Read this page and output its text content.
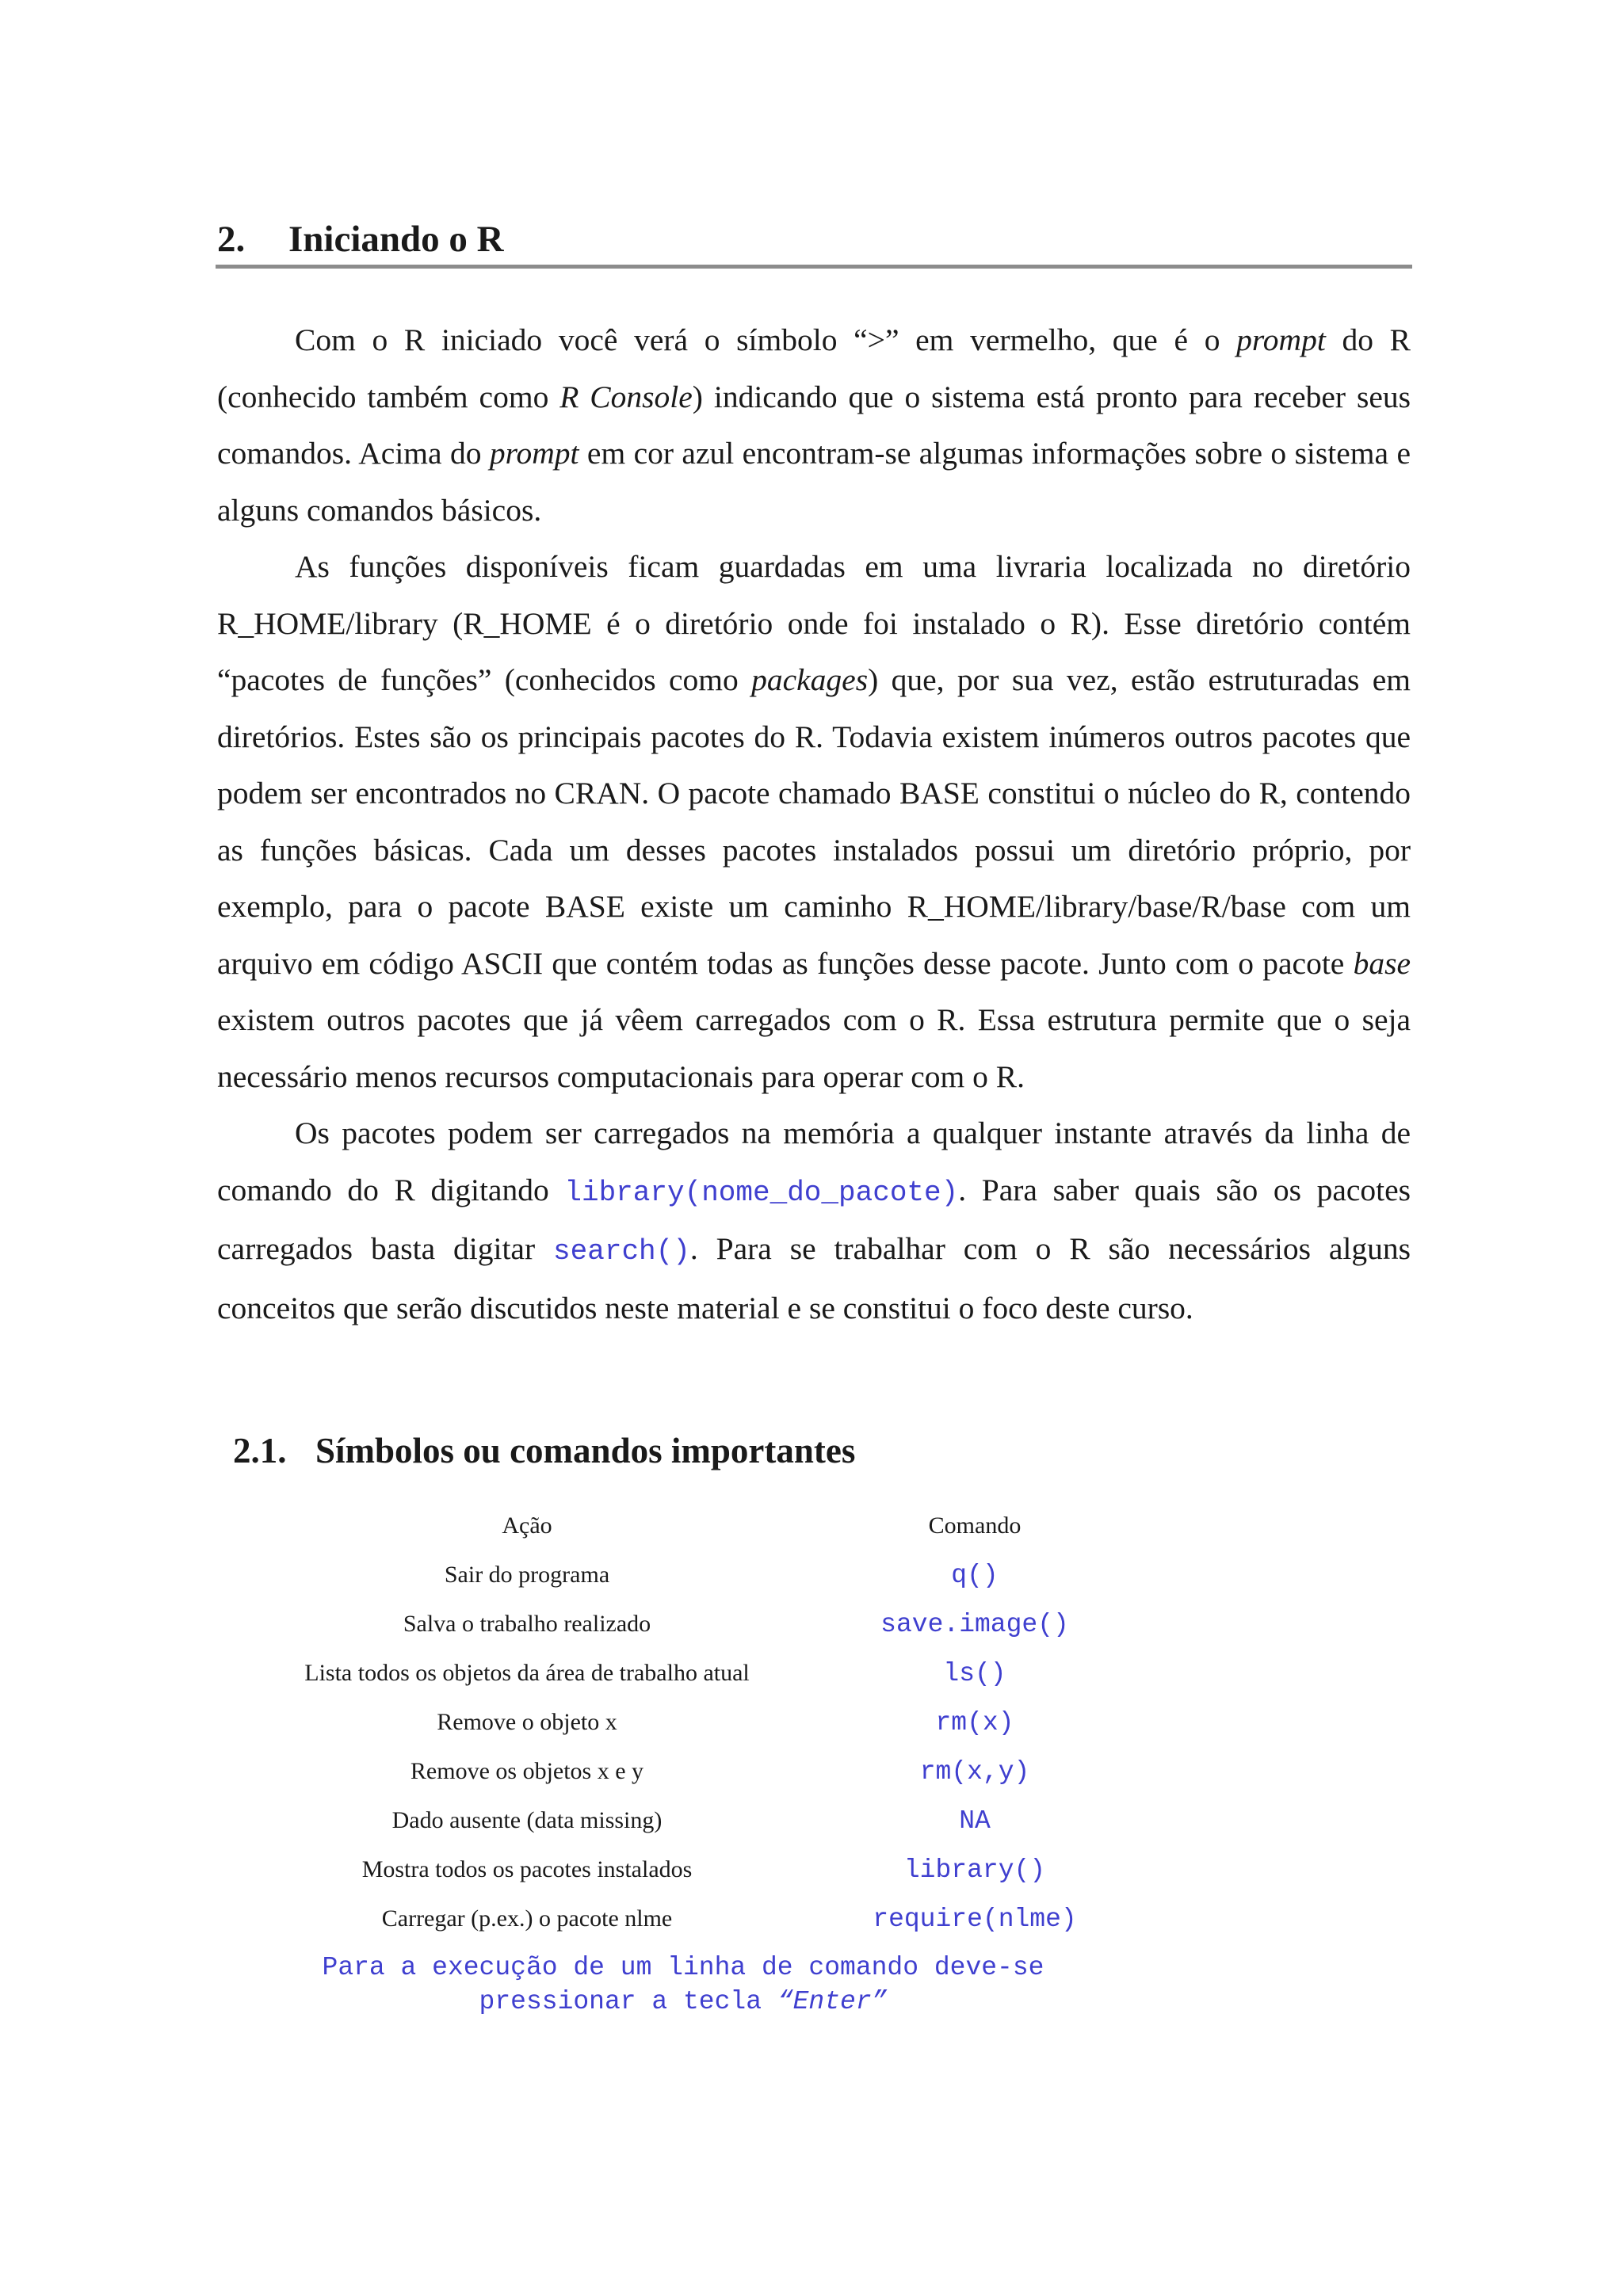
2. Iniciando o R

Com o R iniciado você verá o símbolo “>” em vermelho, que é o prompt do R (conhecido também como R Console) indicando que o sistema está pronto para receber seus comandos. Acima do prompt em cor azul encontram-se algumas informações sobre o sistema e alguns comandos básicos.

As funções disponíveis ficam guardadas em uma livraria localizada no diretório R_HOME/library (R_HOME é o diretório onde foi instalado o R). Esse diretório contém “pacotes de funções” (conhecidos como packages) que, por sua vez, estão estruturadas em diretórios. Estes são os principais pacotes do R. Todavia existem inúmeros outros pacotes que podem ser encontrados no CRAN. O pacote chamado BASE constitui o núcleo do R, contendo as funções básicas. Cada um desses pacotes instalados possui um diretório próprio, por exemplo, para o pacote BASE existe um caminho R_HOME/library/base/R/base com um arquivo em código ASCII que contém todas as funções desse pacote. Junto com o pacote base existem outros pacotes que já vêem carregados com o R. Essa estrutura permite que o seja necessário menos recursos computacionais para operar com o R.

Os pacotes podem ser carregados na memória a qualquer instante através da linha de comando do R digitando library(nome_do_pacote). Para saber quais são os pacotes carregados basta digitar search(). Para se trabalhar com o R são necessários alguns conceitos que serão discutidos neste material e se constitui o foco deste curso.

2.1. Símbolos ou comandos importantes
Ação	Comando
Sair do programa	q()
Salva o trabalho realizado	save.image()
Lista todos os objetos da área de trabalho atual	ls()
Remove o objeto x	rm(x)
Remove os objetos x e y	rm(x,y)
Dado ausente (data missing)	NA
Mostra todos os pacotes instalados	library()
Carregar (p.ex.) o pacote nlme	require(nlme)
Para a execução de um linha de comando deve-se
pressionar a tecla “Enter”
